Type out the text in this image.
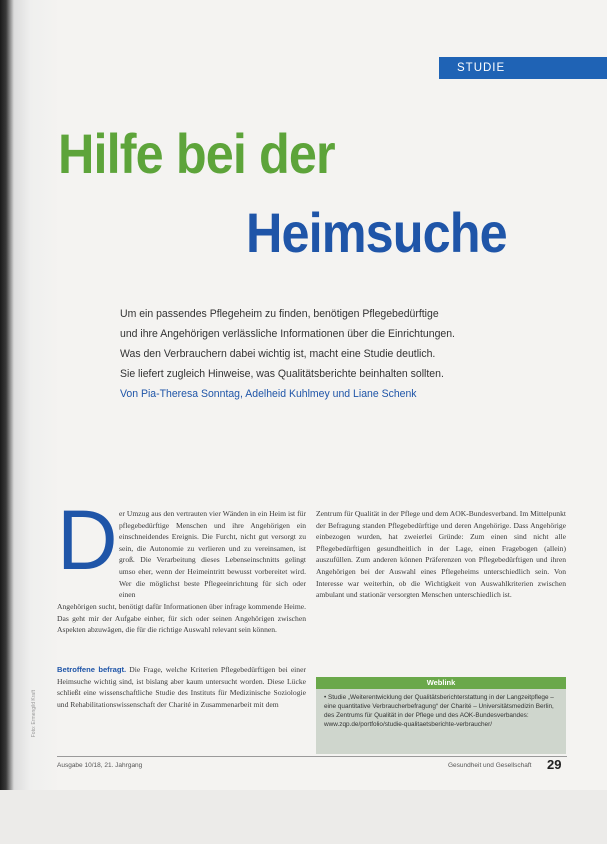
STUDIE
Hilfe bei der
Heimsuche

Um ein passendes Pflegeheim zu finden, benötigen Pflegebedürftige

und ihre Angehörigen verlässliche Informationen über die Einrichtungen.

Was den Verbrauchern dabei wichtig ist, macht eine Studie deutlich.

Sie liefert zugleich Hinweise, was Qualitätsberichte beinhalten sollten.

Von Pia-Theresa Sonntag, Adelheid Kuhlmey und Liane Schenk

D er Umzug aus den vertrauten vier Wänden in ein Heim ist für pflegebedürftige Menschen und ihre Angehörigen ein einschneidendes Ereignis. Die Furcht, nicht gut versorgt zu sein, die Autonomie zu verlieren und zu vereinsamen, ist groß. Die Verarbeitung dieses Lebenseinschnitts gelingt umso eher, wenn der Heimeintritt bewusst vorbereitet wird. Wer die möglichst beste Pflegeeinrichtung für sich oder einen
Angehörigen sucht, benötigt dafür Informationen über infrage kommende Heime. Das geht mir der Aufgabe einher, für sich oder seinen Angehörigen zwischen Aspekten abzuwägen, die für die richtige Auswahl relevant sein können.
Betroffene befragt. Die Frage, welche Kriterien Pflegebedürftigen bei einer Heimsuche wichtig sind, ist bislang aber kaum untersucht worden. Diese Lücke schließt eine wissenschaftliche Studie des Instituts für Medizinische Soziologie und Rehabilitationswissenschaft der Charité in Zusammenarbeit mit dem
Zentrum für Qualität in der Pflege und dem AOK-Bundesverband. Im Mittelpunkt der Befragung standen Pflegebedürftige und deren Angehörige. Dass Angehörige einbezogen wurden, hat zweierlei Gründe: Zum einen sind nicht alle Pflegebedürftigen gesundheitlich in der Lage, einen Fragebogen (allein) auszufüllen. Zum anderen können Präferenzen von Pflegebedürftigen und ihren Angehörigen bei der Auswahl eines Pflegeheims unterschiedlich sein. Von Interesse war weiterhin, ob die Wichtigkeit von Auswahlkriterien zwischen ambulant und stationär versorgten Menschen unterschiedlich ist.
Weblink
• Studie „Weiterentwicklung der Qualitätsberichterstattung in der Langzeitpflege – eine quantitative Verbraucherbefragung“ der Charité – Universitätsmedizin Berlin, des Zentrums für Qualität in der Pflege und des AOK-Bundesverbandes: www.zqp.de/portfolio/studie-qualitaetsberichte-verbraucher/
Foto: Ermengild Kraft
Ausgabe 10/18, 21. Jahrgang	Gesundheit und Gesellschaft 29
